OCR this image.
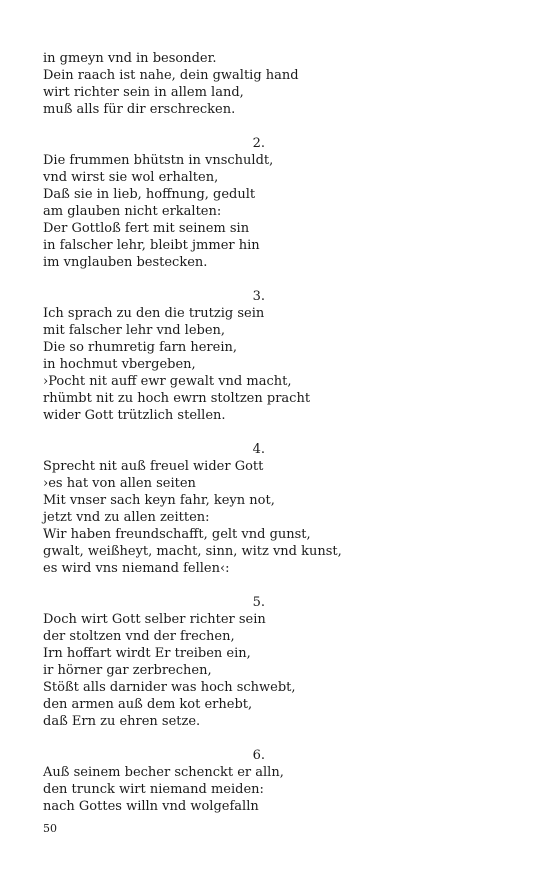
in gmeyn vnd in besonder.
Dein raach ist nahe, dein gwaltig hand
wirt richter sein in allem land,
muß alls für dir erschrecken.
2.
Die frummen bhütstn in vnschuldt,
vnd wirst sie wol erhalten,
Daß sie in lieb, hoffnung, gedult
am glauben nicht erkalten:
Der Gottloß fert mit seinem sin
in falscher lehr, bleibt jmmer hin
im vnglauben bestecken.
3.
Ich sprach zu den die trutzig sein
mit falscher lehr vnd leben,
Die so rhumretig farn herein,
in hochmut vbergeben,
›Pocht nit auff ewr gewalt vnd macht,
rhümbt nit zu hoch ewrn stoltzen pracht
wider Gott trützlich stellen.
4.
Sprecht nit auß freuel wider Gott
›es hat von allen seiten
Mit vnser sach keyn fahr, keyn not,
jetzt vnd zu allen zeitten:
Wir haben freundschafft, gelt vnd gunst,
gwalt, weißheyt, macht, sinn, witz vnd kunst,
es wird vns niemand fellen‹:
5.
Doch wirt Gott selber richter sein
der stoltzen vnd der frechen,
Irn hoffart wirdt Er treiben ein,
ir hörner gar zerbrechen,
Stößt alls darnider was hoch schwebt,
den armen auß dem kot erhebt,
daß Ern zu ehren setze.
6.
Auß seinem becher schenckt er alln,
den trunck wirt niemand meiden:
nach Gottes willn vnd wolgefalln
50
